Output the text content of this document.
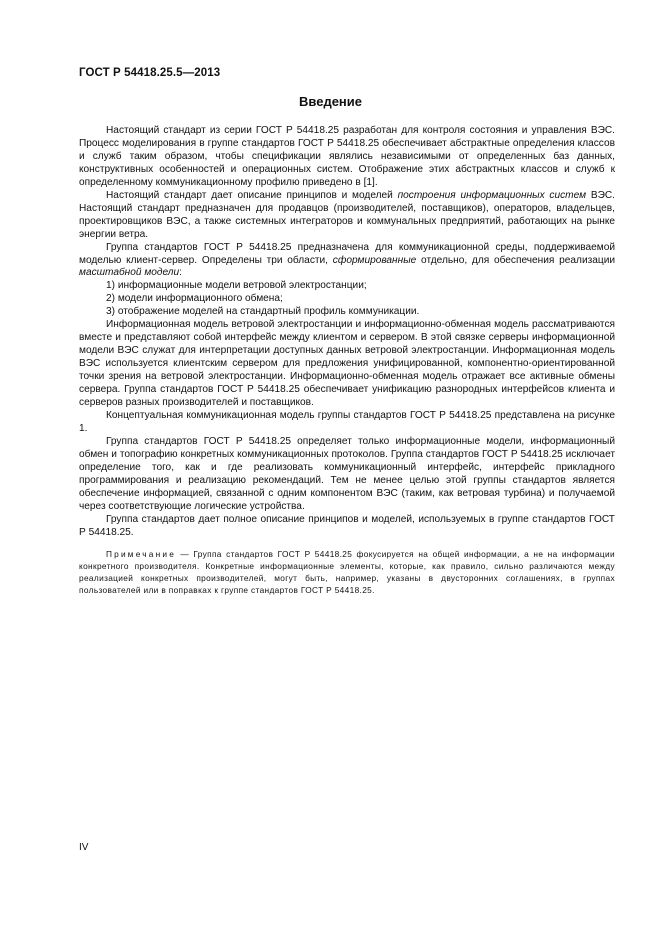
ГОСТ Р 54418.25.5—2013
Введение

Настоящий стандарт из серии ГОСТ Р 54418.25 разработан для контроля состояния и управления ВЭС. Процесс моделирования в группе стандартов ГОСТ Р 54418.25 обеспечивает абстрактные определения классов и служб таким образом, чтобы спецификации являлись независимыми от определенных баз данных, конструктивных особенностей и операционных систем. Отображение этих абстрактных классов и служб к определенному коммуникационному профилю приведено в [1].

Настоящий стандарт дает описание принципов и моделей построения информационных систем ВЭС. Настоящий стандарт предназначен для продавцов (производителей, поставщиков), операторов, владельцев, проектировщиков ВЭС, а также системных интеграторов и коммунальных предприятий, работающих на рынке энергии ветра.

Группа стандартов ГОСТ Р 54418.25 предназначена для коммуникационной среды, поддерживаемой моделью клиент-сервер. Определены три области, сформированные отдельно, для обеспечения реализации масштабной модели:

1) информационные модели ветровой электростанции;

2) модели информационного обмена;

3) отображение моделей на стандартный профиль коммуникации.

Информационная модель ветровой электростанции и информационно-обменная модель рассматриваются вместе и представляют собой интерфейс между клиентом и сервером. В этой связке серверы информационной модели ВЭС служат для интерпретации доступных данных ветровой электростанции. Информационная модель ВЭС используется клиентским сервером для предложения унифицированной, компонентно-ориентированной точки зрения на ветровой электростанции. Информационно-обменная модель отражает все активные обмены сервера. Группа стандартов ГОСТ Р 54418.25 обеспечивает унификацию разнородных интерфейсов клиента и серверов разных производителей и поставщиков.

Концептуальная коммуникационная модель группы стандартов ГОСТ Р 54418.25 представлена на рисунке 1.

Группа стандартов ГОСТ Р 54418.25 определяет только информационные модели, информационный обмен и топографию конкретных коммуникационных протоколов. Группа стандартов ГОСТ Р 54418.25 исключает определение того, как и где реализовать коммуникационный интерфейс, интерфейс прикладного программирования и реализацию рекомендаций. Тем не менее целью этой группы стандартов является обеспечение информацией, связанной с одним компонентом ВЭС (таким, как ветровая турбина) и получаемой через соответствующие логические устройства.

Группа стандартов дает полное описание принципов и моделей, используемых в группе стандартов ГОСТ Р 54418.25.

Примечание — Группа стандартов ГОСТ Р 54418.25 фокусируется на общей информации, а не на информации конкретного производителя. Конкретные информационные элементы, которые, как правило, сильно различаются между реализацией конкретных производителей, могут быть, например, указаны в двусторонних соглашениях, в группах пользователей или в поправках к группе стандартов ГОСТ Р 54418.25.

IV
